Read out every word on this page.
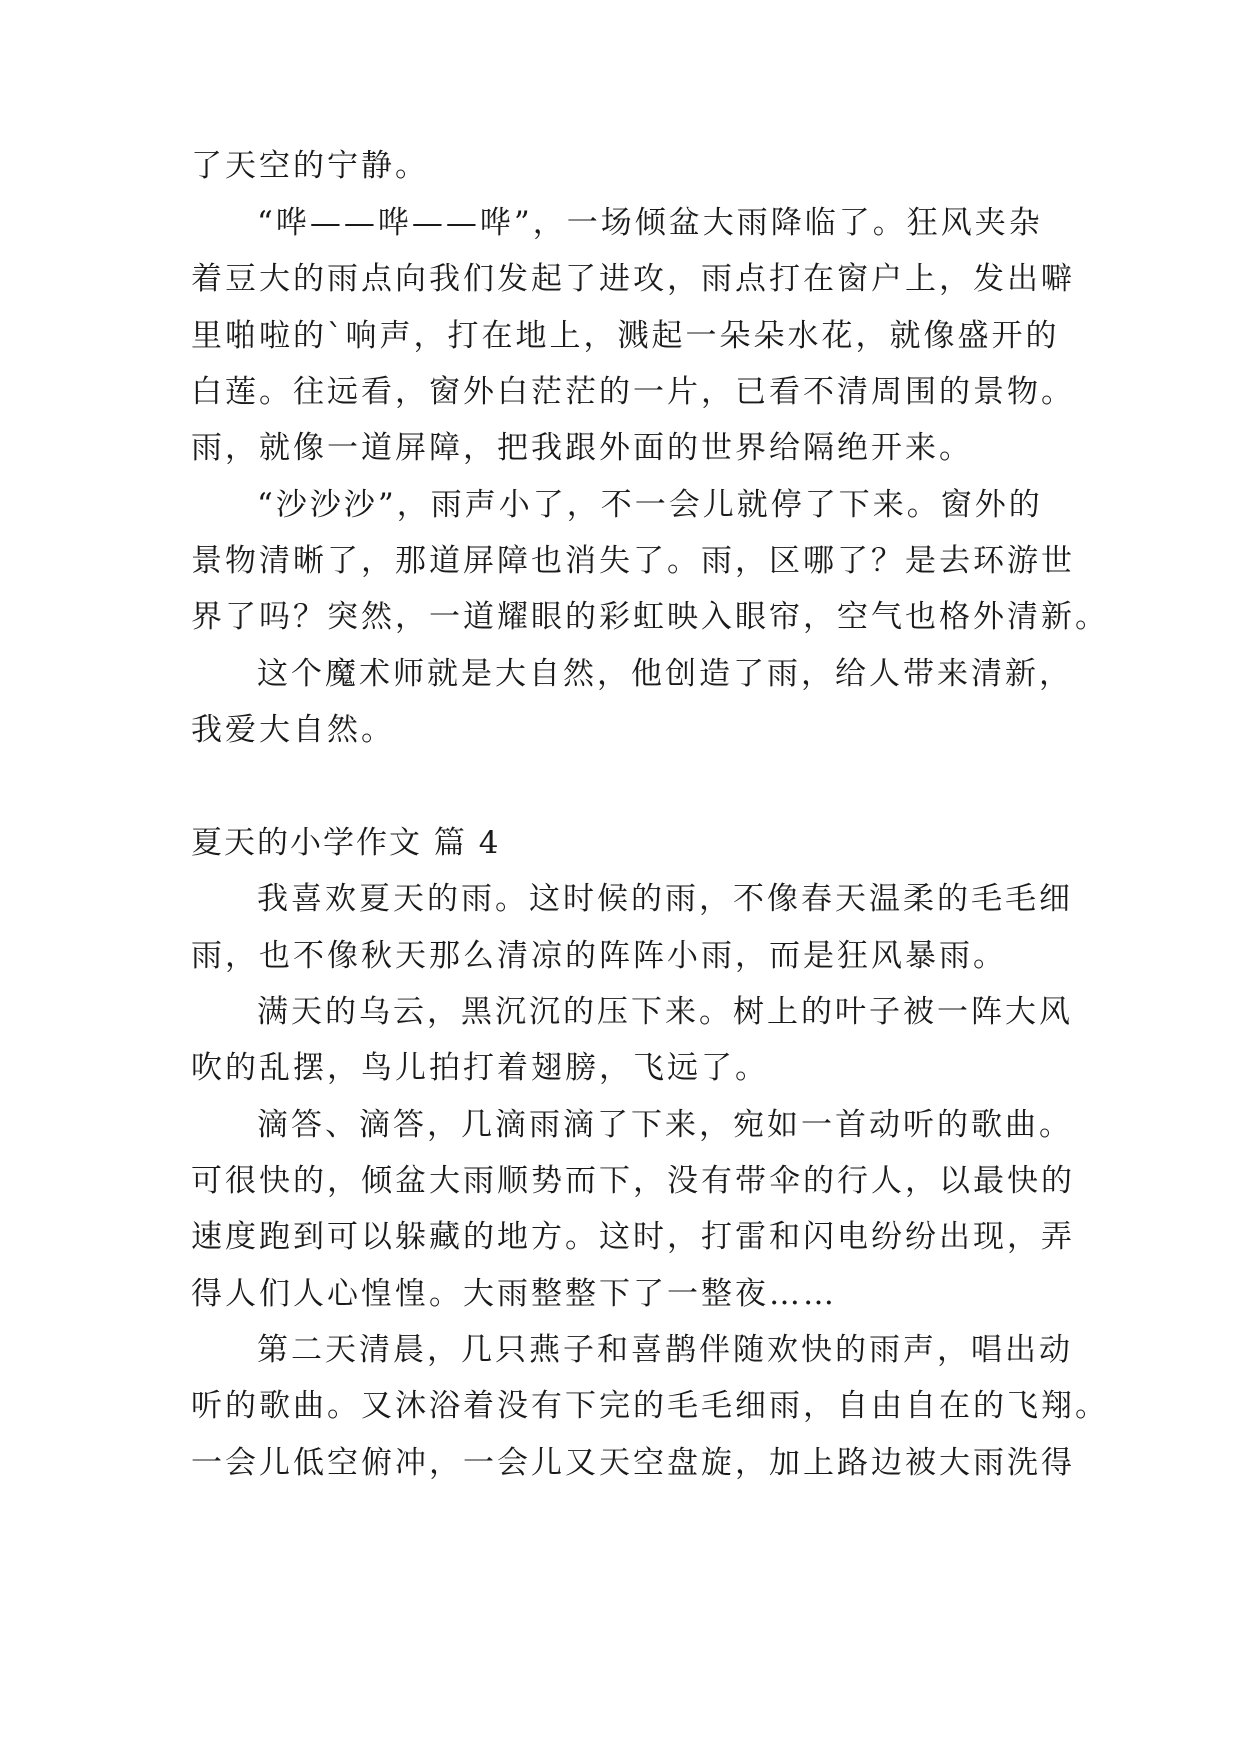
了天空的宁静。
“哗——哗——哗”，一场倾盆大雨降临了。狂风夹杂
着豆大的雨点向我们发起了进攻，雨点打在窗户上，发出噼
里啪啦的`响声，打在地上，溅起一朵朵水花，就像盛开的
白莲。往远看，窗外白茫茫的一片，已看不清周围的景物。
雨，就像一道屏障，把我跟外面的世界给隔绝开来。
“沙沙沙”，雨声小了，不一会儿就停了下来。窗外的
景物清晰了，那道屏障也消失了。雨，区哪了？是去环游世
界了吗？突然，一道耀眼的彩虹映入眼帘，空气也格外清新。
这个魔术师就是大自然，他创造了雨，给人带来清新，
我爱大自然。
夏天的小学作文 篇 4
我喜欢夏天的雨。这时候的雨，不像春天温柔的毛毛细
雨，也不像秋天那么清凉的阵阵小雨，而是狂风暴雨。
满天的乌云，黑沉沉的压下来。树上的叶子被一阵大风
吹的乱摆，鸟儿拍打着翅膀，飞远了。
滴答、滴答，几滴雨滴了下来，宛如一首动听的歌曲。
可很快的，倾盆大雨顺势而下，没有带伞的行人，以最快的
速度跑到可以躲藏的地方。这时，打雷和闪电纷纷出现，弄
得人们人心惶惶。大雨整整下了一整夜……
第二天清晨，几只燕子和喜鹊伴随欢快的雨声，唱出动
听的歌曲。又沐浴着没有下完的毛毛细雨，自由自在的飞翔。
一会儿低空俯冲，一会儿又天空盘旋，加上路边被大雨洗得
